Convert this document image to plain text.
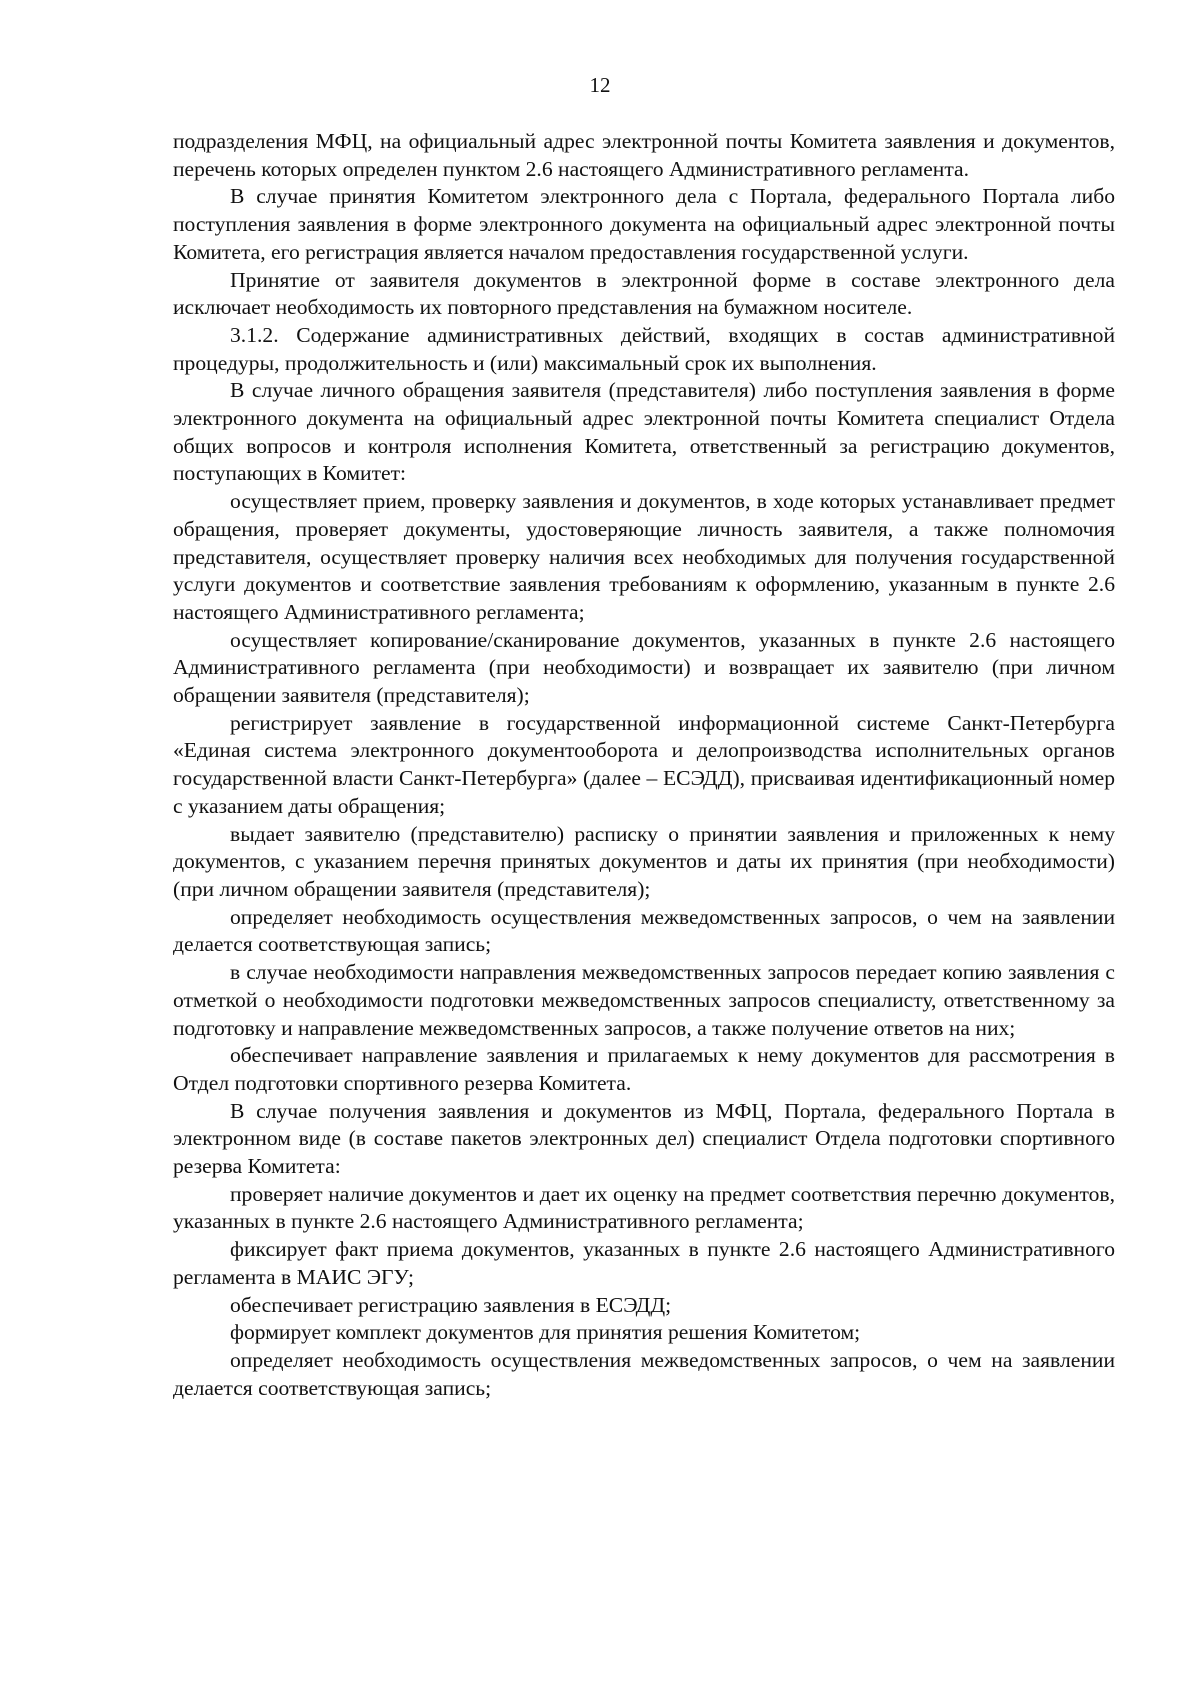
12

подразделения МФЦ, на официальный адрес электронной почты Комитета заявления и документов, перечень которых определен пунктом 2.6 настоящего Административного регламента.

В случае принятия Комитетом электронного дела с Портала, федерального Портала либо поступления заявления в форме электронного документа на официальный адрес электронной почты Комитета, его регистрация является началом предоставления государственной услуги.

Принятие от заявителя документов в электронной форме в составе электронного дела исключает необходимость их повторного представления на бумажном носителе.

3.1.2. Содержание административных действий, входящих в состав административной процедуры, продолжительность и (или) максимальный срок их выполнения.

В случае личного обращения заявителя (представителя) либо поступления заявления в форме электронного документа на официальный адрес электронной почты Комитета специалист Отдела общих вопросов и контроля исполнения Комитета, ответственный за регистрацию документов, поступающих в Комитет:

осуществляет прием, проверку заявления и документов, в ходе которых устанавливает предмет обращения, проверяет документы, удостоверяющие личность заявителя, а также полномочия представителя, осуществляет проверку наличия всех необходимых для получения государственной услуги документов и соответствие заявления требованиям к оформлению, указанным в пункте 2.6 настоящего Административного регламента;

осуществляет копирование/сканирование документов, указанных в пункте 2.6 настоящего Административного регламента (при необходимости) и возвращает их заявителю (при личном обращении заявителя (представителя);

регистрирует заявление в государственной информационной системе Санкт-Петербурга «Единая система электронного документооборота и делопроизводства исполнительных органов государственной власти Санкт-Петербурга» (далее – ЕСЭДД), присваивая идентификационный номер с указанием даты обращения;

выдает заявителю (представителю) расписку о принятии заявления и приложенных к нему документов, с указанием перечня принятых документов и даты их принятия (при необходимости) (при личном обращении заявителя (представителя);

определяет необходимость осуществления межведомственных запросов, о чем на заявлении делается соответствующая запись;

в случае необходимости направления межведомственных запросов передает копию заявления с отметкой о необходимости подготовки межведомственных запросов специалисту, ответственному за подготовку и направление межведомственных запросов, а также получение ответов на них;

обеспечивает направление заявления и прилагаемых к нему документов для рассмотрения в Отдел подготовки спортивного резерва Комитета.

В случае получения заявления и документов из МФЦ, Портала, федерального Портала в электронном виде (в составе пакетов электронных дел) специалист Отдела подготовки спортивного резерва Комитета:

проверяет наличие документов и дает их оценку на предмет соответствия перечню документов, указанных в пункте 2.6 настоящего Административного регламента;

фиксирует факт приема документов, указанных в пункте 2.6 настоящего Административного регламента в МАИС ЭГУ;

обеспечивает регистрацию заявления в ЕСЭДД;

формирует комплект документов для принятия решения Комитетом;

определяет необходимость осуществления межведомственных запросов, о чем на заявлении делается соответствующая запись;
